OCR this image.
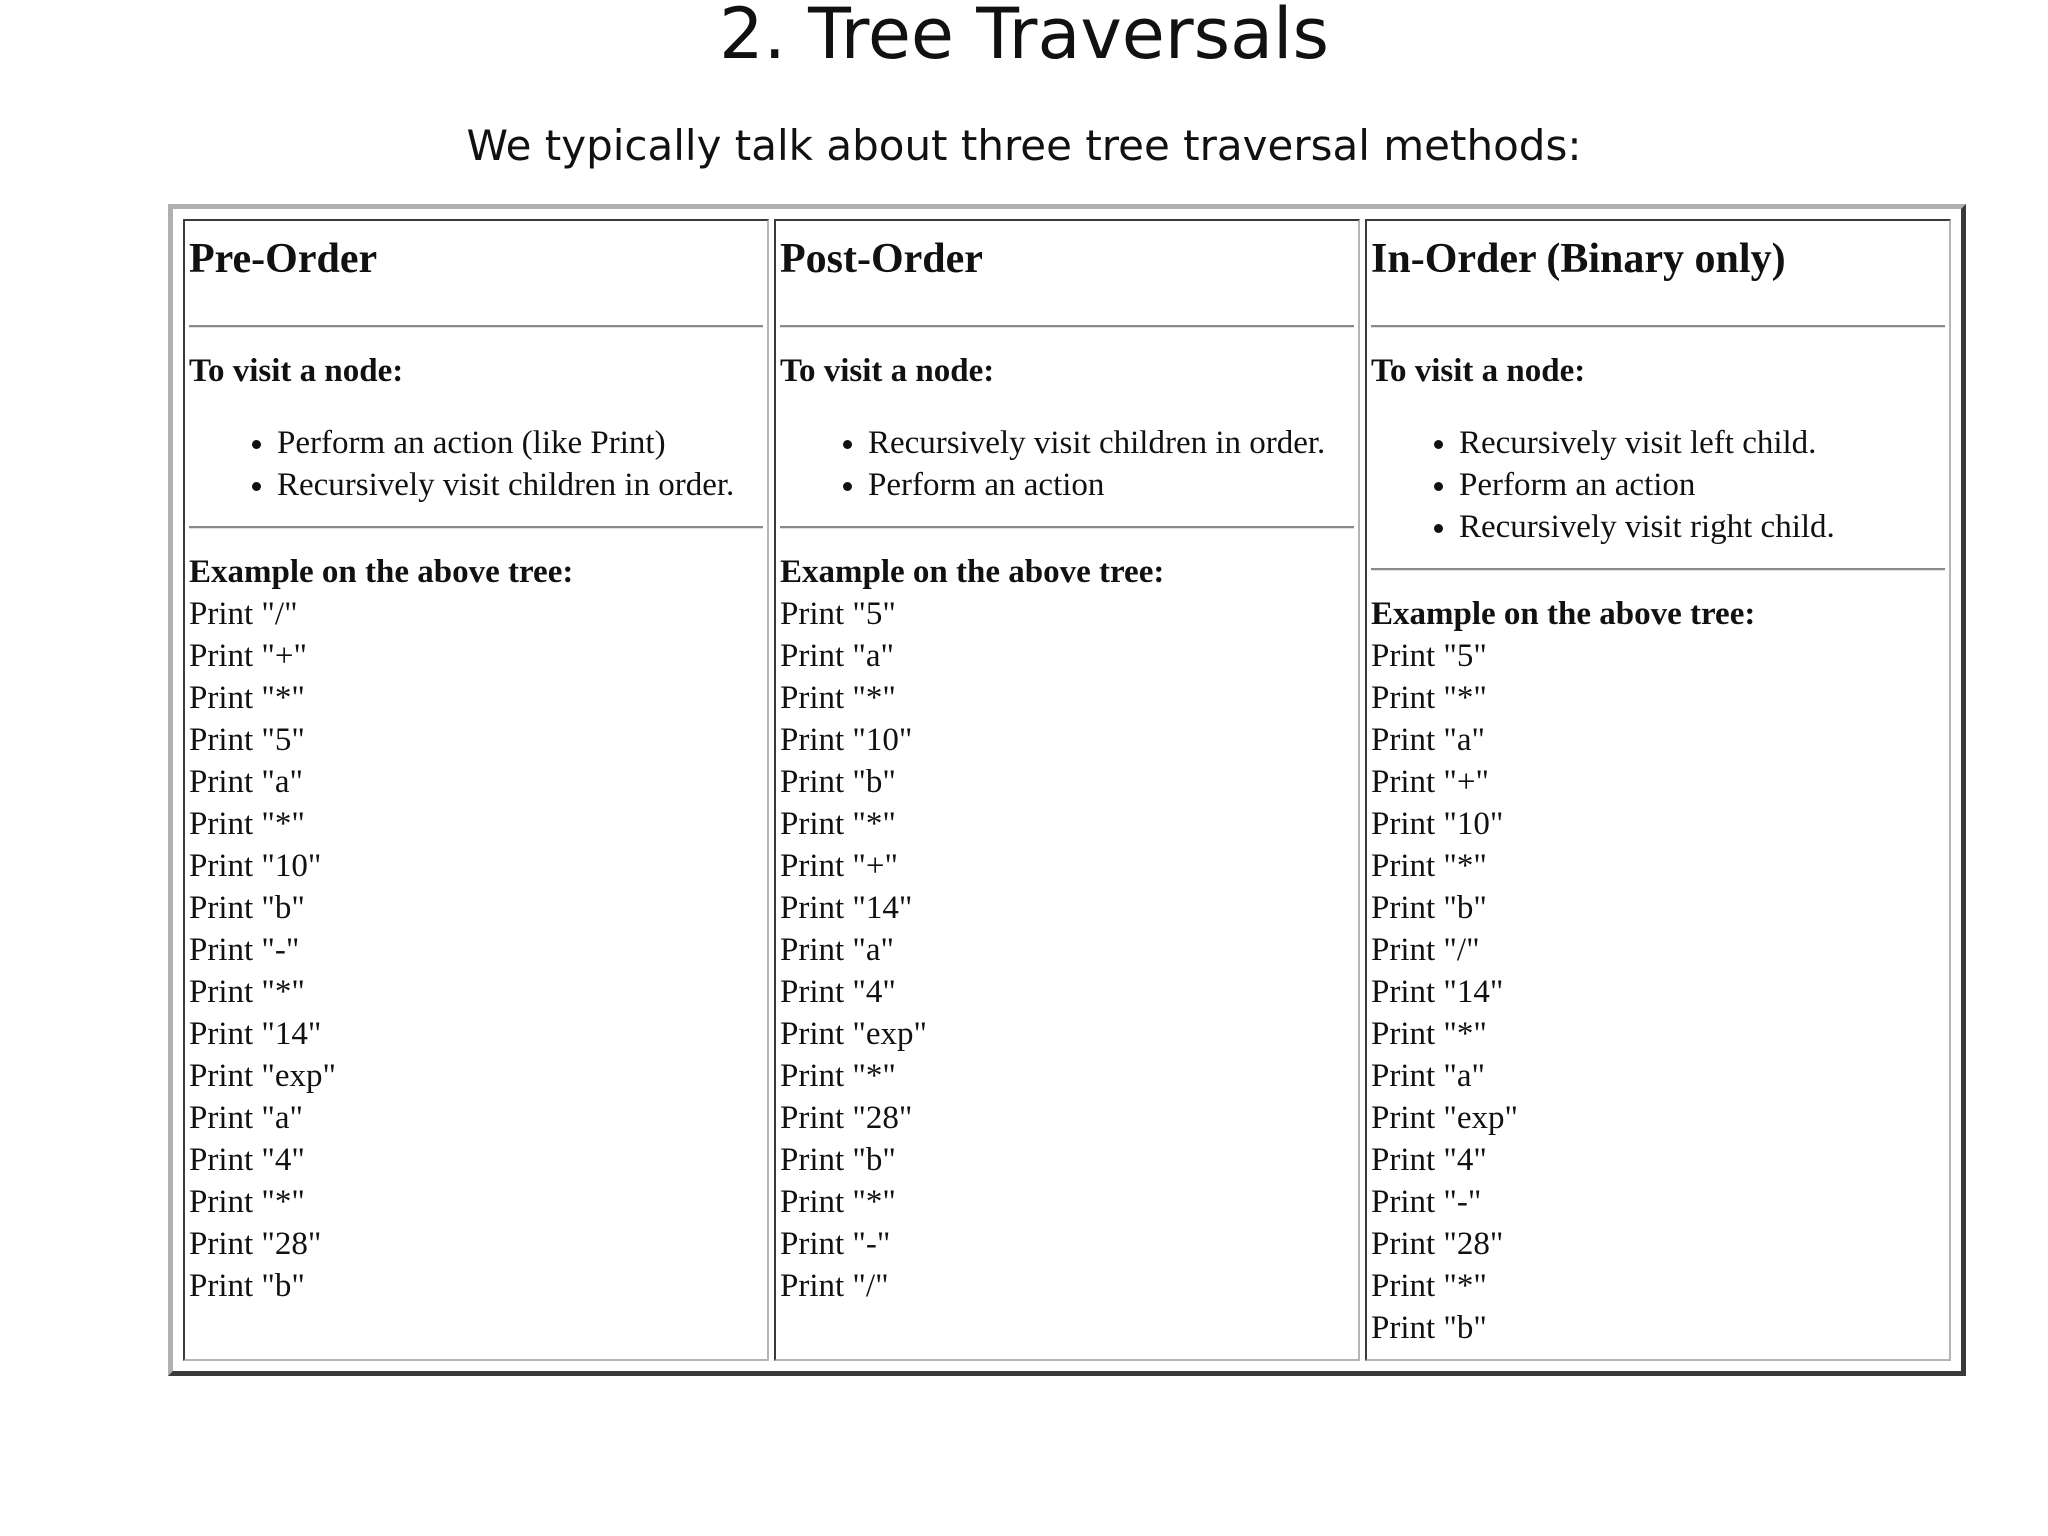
2. Tree Traversals

We typically talk about three tree traversal methods:

Pre-Order
To visit a node:
• Perform an action (like Print)
• Recursively visit children in order.
Example on the above tree:
Print "/"
Print "+"
Print "*"
Print "5"
Print "a"
Print "*"
Print "10"
Print "b"
Print "-"
Print "*"
Print "14"
Print "exp"
Print "a"
Print "4"
Print "*"
Print "28"
Print "b"

Post-Order
To visit a node:
• Recursively visit children in order.
• Perform an action
Example on the above tree:
Print "5"
Print "a"
Print "*"
Print "10"
Print "b"
Print "*"
Print "+"
Print "14"
Print "a"
Print "4"
Print "exp"
Print "*"
Print "28"
Print "b"
Print "*"
Print "-"
Print "/"

In-Order (Binary only)
To visit a node:
• Recursively visit left child.
• Perform an action
• Recursively visit right child.
Example on the above tree:
Print "5"
Print "*"
Print "a"
Print "+"
Print "10"
Print "*"
Print "b"
Print "/"
Print "14"
Print "*"
Print "a"
Print "exp"
Print "4"
Print "-"
Print "28"
Print "*"
Print "b"
